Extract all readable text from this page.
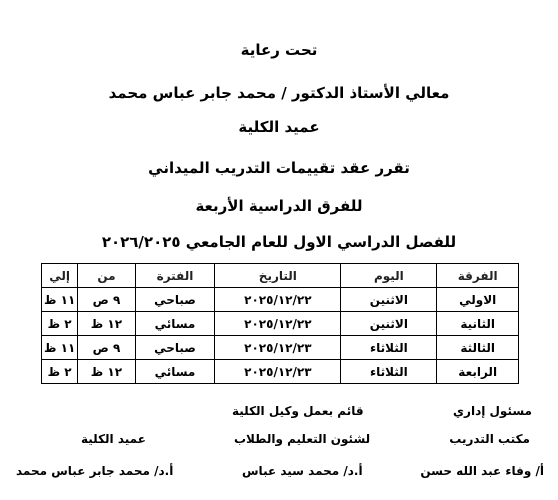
تحت رعاية
معالي الأستاذ الدكتور / محمد جابر عباس محمد
عميد الكلية
تقرر عقد تقييمات التدريب الميداني
للفرق الدراسية الأربعة
للفصل الدراسي الاول للعام الجامعي ٢٠٢٦/٢٠٢٥
الفرقة	اليوم	التاريخ	الفترة	من	إلي
الاولي	الاثنين	٢٠٢٥/١٢/٢٢	صباحي	٩ ص	١١ ظ
الثانية	الاثنين	٢٠٢٥/١٢/٢٢	مسائي	١٢ ظ	٢ ظ
الثالثة	الثلاثاء	٢٠٢٥/١٢/٢٣	صباحي	٩ ص	١١ ظ
الرابعة	الثلاثاء	٢٠٢٥/١٢/٢٣	مسائي	١٢ ظ	٢ ظ
مسئول إداري
مكتب التدريب
أ/ وفاء عبد الله حسن
قائم بعمل وكيل الكلية
لشئون التعليم والطلاب
أ.د/ محمد سيد عباس
عميد الكلية
أ.د/ محمد جابر عباس محمد
